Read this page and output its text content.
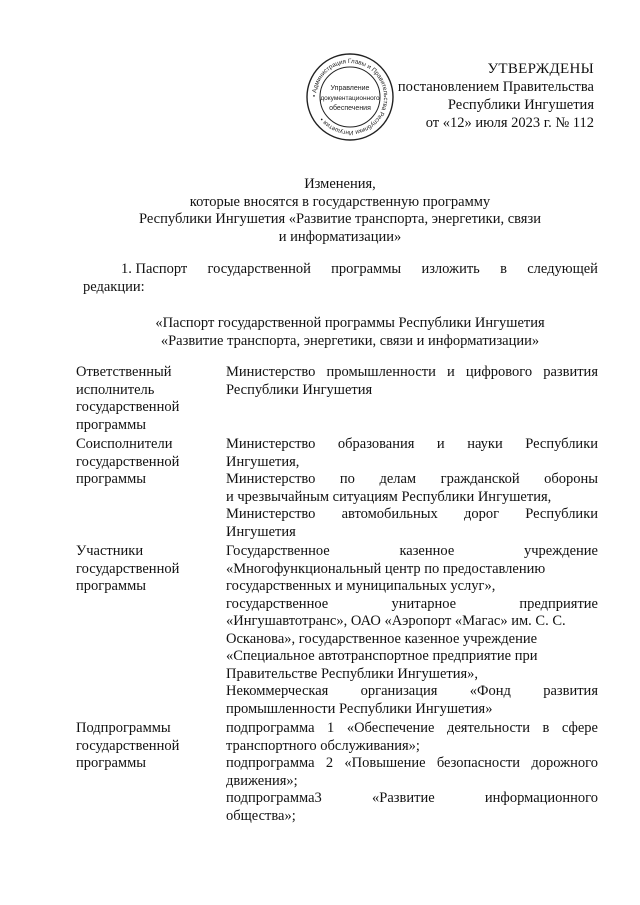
• Администрация Главы и Правительства Республики Ингушетия •
Управление
документационного
обеспечения
УТВЕРЖДЕНЫ
постановлением Правительства
Республики Ингушетия
от «12» июля 2023 г. № 112
Изменения,
которые вносятся в государственную программу
Республики Ингушетия «Развитие транспорта, энергетики, связи
и информатизации»
1. Паспорт государственной программы изложить в следующей
редакции:
«Паспорт государственной программы Республики Ингушетия
«Развитие транспорта, энергетики, связи и информатизации»
Ответственный
исполнитель
государственной
программы
Министерство промышленности и цифрового развития
Республики Ингушетия
Соисполнители
государственной
программы
Министерство образования и науки Республики
Ингушетия,
Министерство по делам гражданской обороны
и чрезвычайным ситуациям Республики Ингушетия,
Министерство автомобильных дорог Республики
Ингушетия
Участники
государственной
программы
Государственное казенное учреждение
«Многофункциональный центр по предоставлению
государственных и муниципальных услуг»,
государственное унитарное предприятие
«Ингушавтотранс», ОАО «Аэропорт «Магас» им. С. С.
Осканова», государственное казенное учреждение
«Специальное автотранспортное предприятие при
Правительстве Республики Ингушетия»,
Некоммерческая организация «Фонд развития
промышленности Республики Ингушетия»
Подпрограммы
государственной
программы
подпрограмма 1 «Обеспечение деятельности в сфере
транспортного обслуживания»;
подпрограмма 2 «Повышение безопасности дорожного
движения»;
подпрограмма3 «Развитие информационного
общества»;
